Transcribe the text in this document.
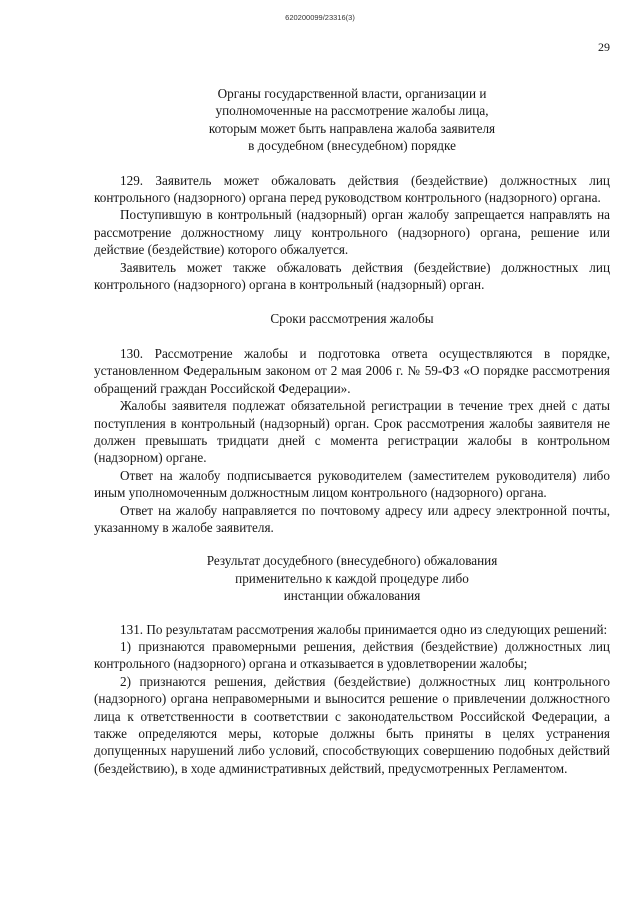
620200099/23316(3)
29
Органы государственной власти, организации и
уполномоченные на рассмотрение жалобы лица,
которым может быть направлена жалоба заявителя
в досудебном (внесудебном) порядке

129. Заявитель может обжаловать действия (бездействие) должностных лиц контрольного (надзорного) органа перед руководством контрольного (надзорного) органа.

Поступившую в контрольный (надзорный) орган жалобу запрещается направлять на рассмотрение должностному лицу контрольного (надзорного) органа, решение или действие (бездействие) которого обжалуется.

Заявитель может также обжаловать действия (бездействие) должностных лиц контрольного (надзорного) органа в контрольный (надзорный) орган.

Сроки рассмотрения жалобы

130. Рассмотрение жалобы и подготовка ответа осуществляются в порядке, установленном Федеральным законом от 2 мая 2006 г. № 59-ФЗ «О порядке рассмотрения обращений граждан Российской Федерации».

Жалобы заявителя подлежат обязательной регистрации в течение трех дней с даты поступления в контрольный (надзорный) орган. Срок рассмотрения жалобы заявителя не должен превышать тридцати дней с момента регистрации жалобы в контрольном (надзорном) органе.

Ответ на жалобу подписывается руководителем (заместителем руководителя) либо иным уполномоченным должностным лицом контрольного (надзорного) органа.

Ответ на жалобу направляется по почтовому адресу или адресу электронной почты, указанному в жалобе заявителя.

Результат досудебного (внесудебного) обжалования
применительно к каждой процедуре либо
инстанции обжалования

131. По результатам рассмотрения жалобы принимается одно из следующих решений:

1) признаются правомерными решения, действия (бездействие) должностных лиц контрольного (надзорного) органа и отказывается в удовлетворении жалобы;

2) признаются решения, действия (бездействие) должностных лиц контрольного (надзорного) органа неправомерными и выносится решение о привлечении должностного лица к ответственности в соответствии с законодательством Российской Федерации, а также определяются меры, которые должны быть приняты в целях устранения допущенных нарушений либо условий, способствующих совершению подобных действий (бездействию), в ходе административных действий, предусмотренных Регламентом.
